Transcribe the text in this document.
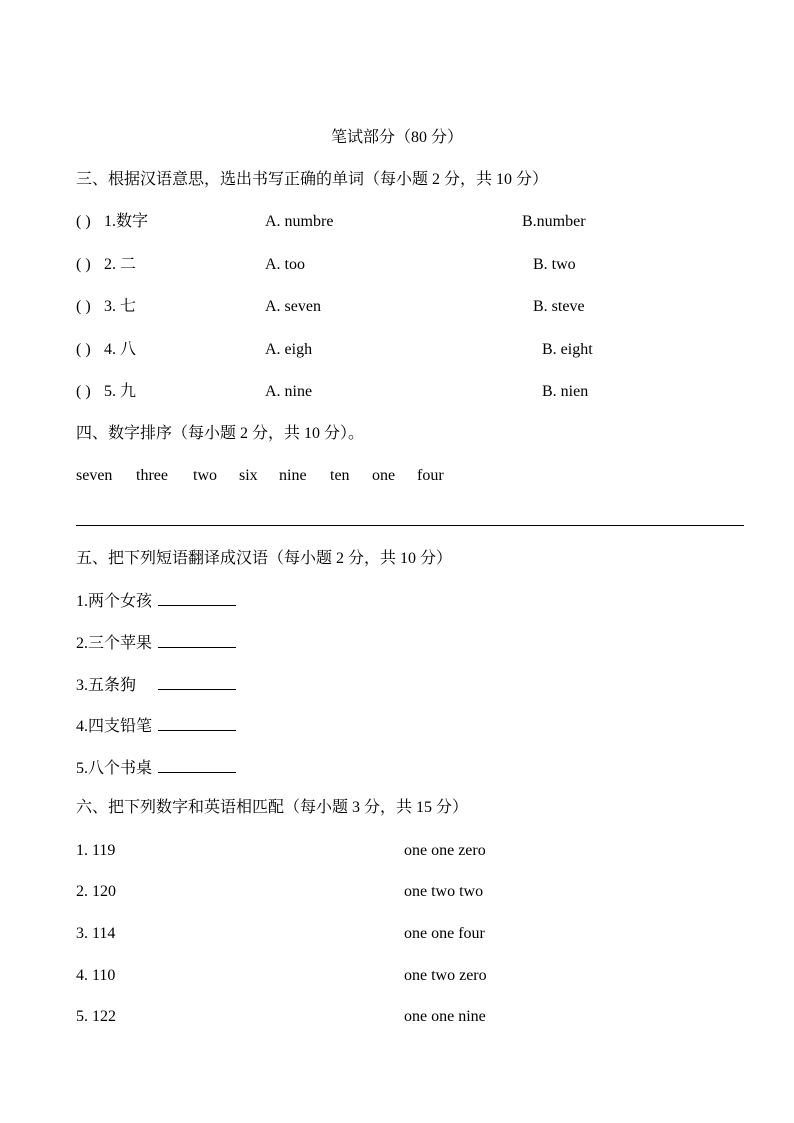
笔试部分（80 分）
三、根据汉语意思，选出书写正确的单词（每小题 2 分，共 10 分）
( ) 1.数字	A. numbre	B.number
( ) 2. 二	A. too	B. two
( ) 3. 七	A. seven	B. steve
( ) 4. 八	A. eigh	B. eight
( ) 5. 九	A. nine	B. nien
四、数字排序（每小题 2 分，共 10 分）。
seven three two six nine ten one four
五、把下列短语翻译成汉语（每小题 2 分，共 10 分）
1.两个女孩
2.三个苹果
3.五条狗
4.四支铅笔
5.八个书桌
六、把下列数字和英语相匹配（每小题 3 分，共 15 分）
1. 119	one one zero
2. 120	one two two
3. 114	one one four
4. 110	one two zero
5. 122	one one nine
